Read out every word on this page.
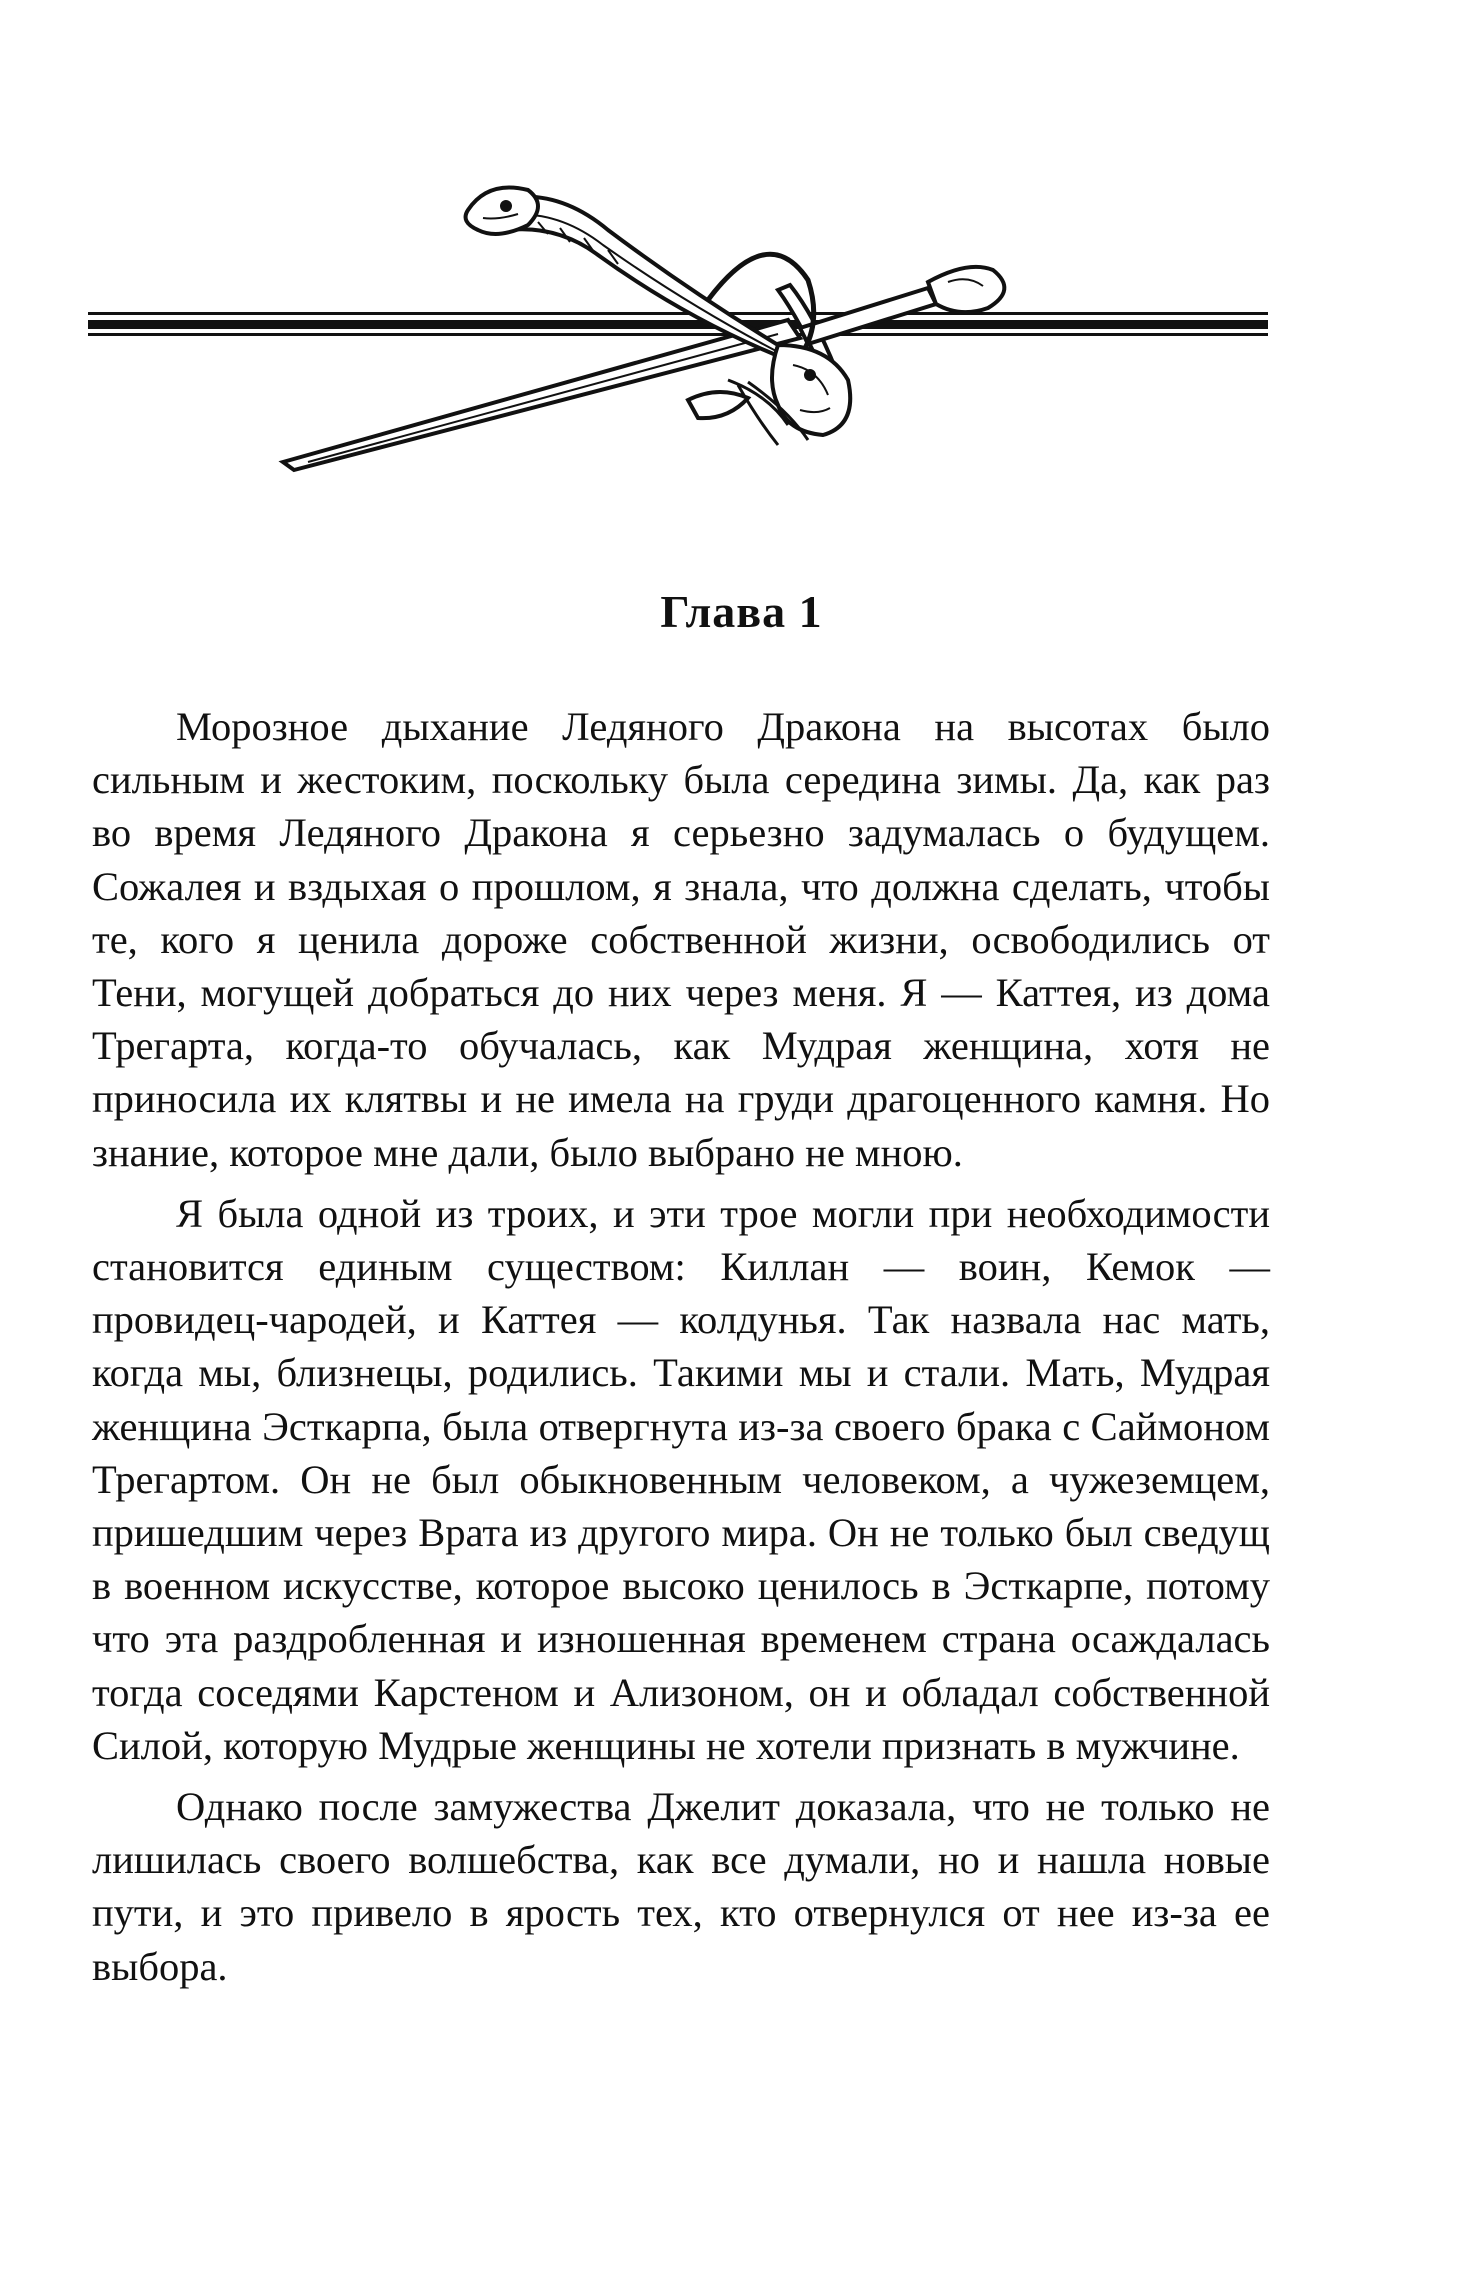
Глава 1

Морозное дыхание Ледяного Дракона на высотах было сильным и жестоким, поскольку была середина зимы. Да, как раз во время Ледяного Дракона я серьезно задумалась о будущем. Сожалея и вздыхая о прошлом, я знала, что должна сделать, чтобы те, кого я ценила дороже собственной жизни, освободились от Тени, могущей добраться до них через меня. Я — Каттея, из дома Трегарта, когда-то обучалась, как Мудрая женщина, хотя не приносила их клятвы и не имела на груди драгоценного камня. Но знание, которое мне дали, было выбрано не мною.

Я была одной из троих, и эти трое могли при необходимости становится единым существом: Киллан — воин, Кемок — провидец-чародей, и Каттея — колдунья. Так назвала нас мать, когда мы, близнецы, родились. Такими мы и стали. Мать, Мудрая женщина Эсткарпа, была отвергнута из-за своего брака с Саймоном Трегартом. Он не был обыкновенным человеком, а чужеземцем, пришедшим через Врата из другого мира. Он не только был сведущ в военном искусстве, которое высоко ценилось в Эсткарпе, потому что эта раздробленная и изношенная временем страна осаждалась тогда соседями Карстеном и Ализоном, он и обладал собственной Силой, которую Мудрые женщины не хотели признать в мужчине.

Однако после замужества Джелит доказала, что не только не лишилась своего волшебства, как все думали, но и нашла новые пути, и это привело в ярость тех, кто отвернулся от нее из-за ее выбора.
